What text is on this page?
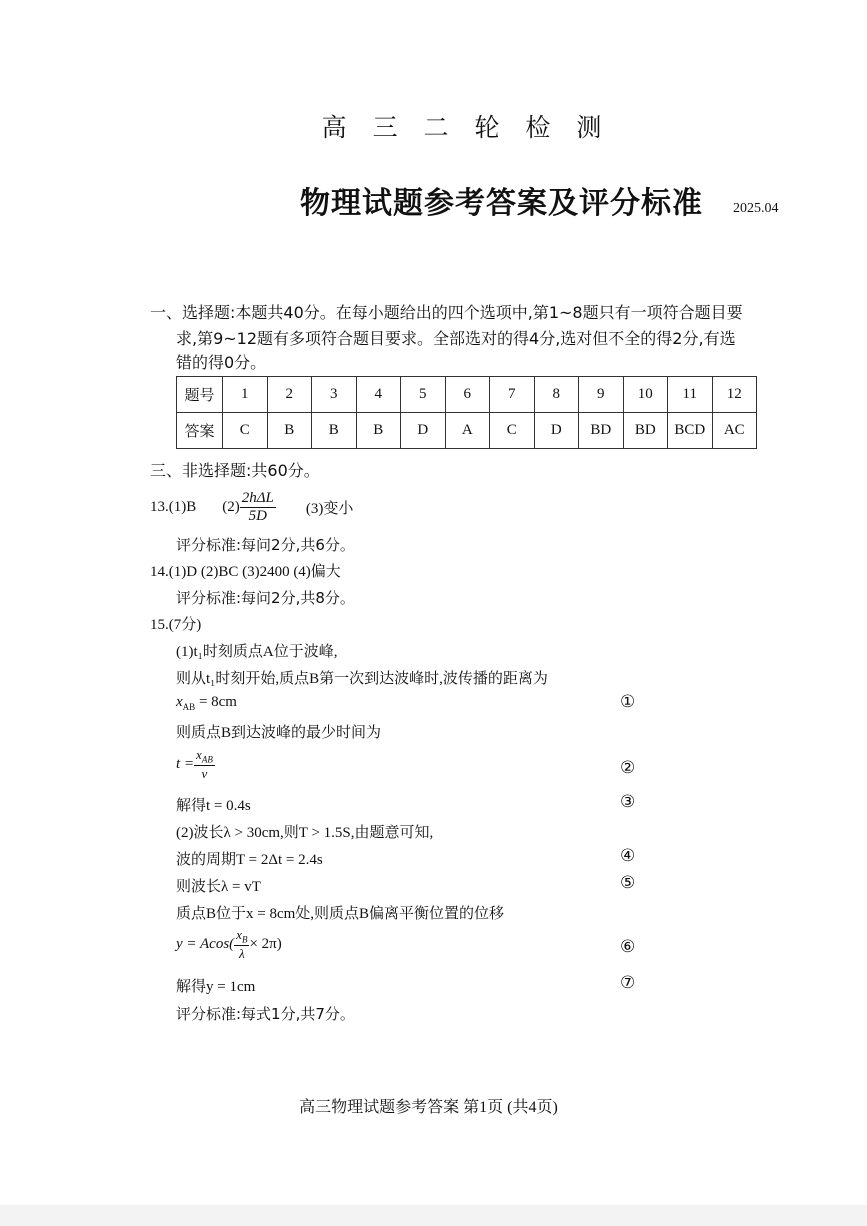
高 三 二 轮 检 测
物理试题参考答案及评分标准 2025.04
一、选择题:本题共40分。在每小题给出的四个选项中,第1~8题只有一项符合题目要
求,第9~12题有多项符合题目要求。全部选对的得4分,选对但不全的得2分,有选
错的得0分。
题号	1	2	3	4	5	6	7	8	9	10	11	12
答案	C	B	B	B	D	A	C	D	BD	BD	BCD	AC
三、非选择题:共60分。
13. (1)B $(2) \frac{\text{2hΔL}}{5D} (3)$变小
评分标准:每问2分,共6分。
14.(1)D (2)BC (3)2400 (4)偏大
评分标准:每问2分,共8分。
15.(7分)
(1)t₁时刻质点A位于波峰,
则从t₁时刻开始,质点B第一次到达波峰时,波传播的距离为
$x_{AB} = 8cm$	①
则质点B到达波峰的最少时间为
$t = \frac{x_{AB}}{v}$	②
解得t = 0.4s	③
(2)波长λ > 30cm,则T > 1.5S,由题意可知,
波的周期T = 2Δt = 2.4s	④
则波长λ = vT	⑤
质点B位于x = 8cm处,则质点B偏离平衡位置的位移
$y = Acos( \frac{x_B}{\lambda} \times 2\pi)$	⑥
解得y = 1cm	⑦
评分标准:每式1分,共7分。
高三物理试题参考答案 第1页 (共4页)
